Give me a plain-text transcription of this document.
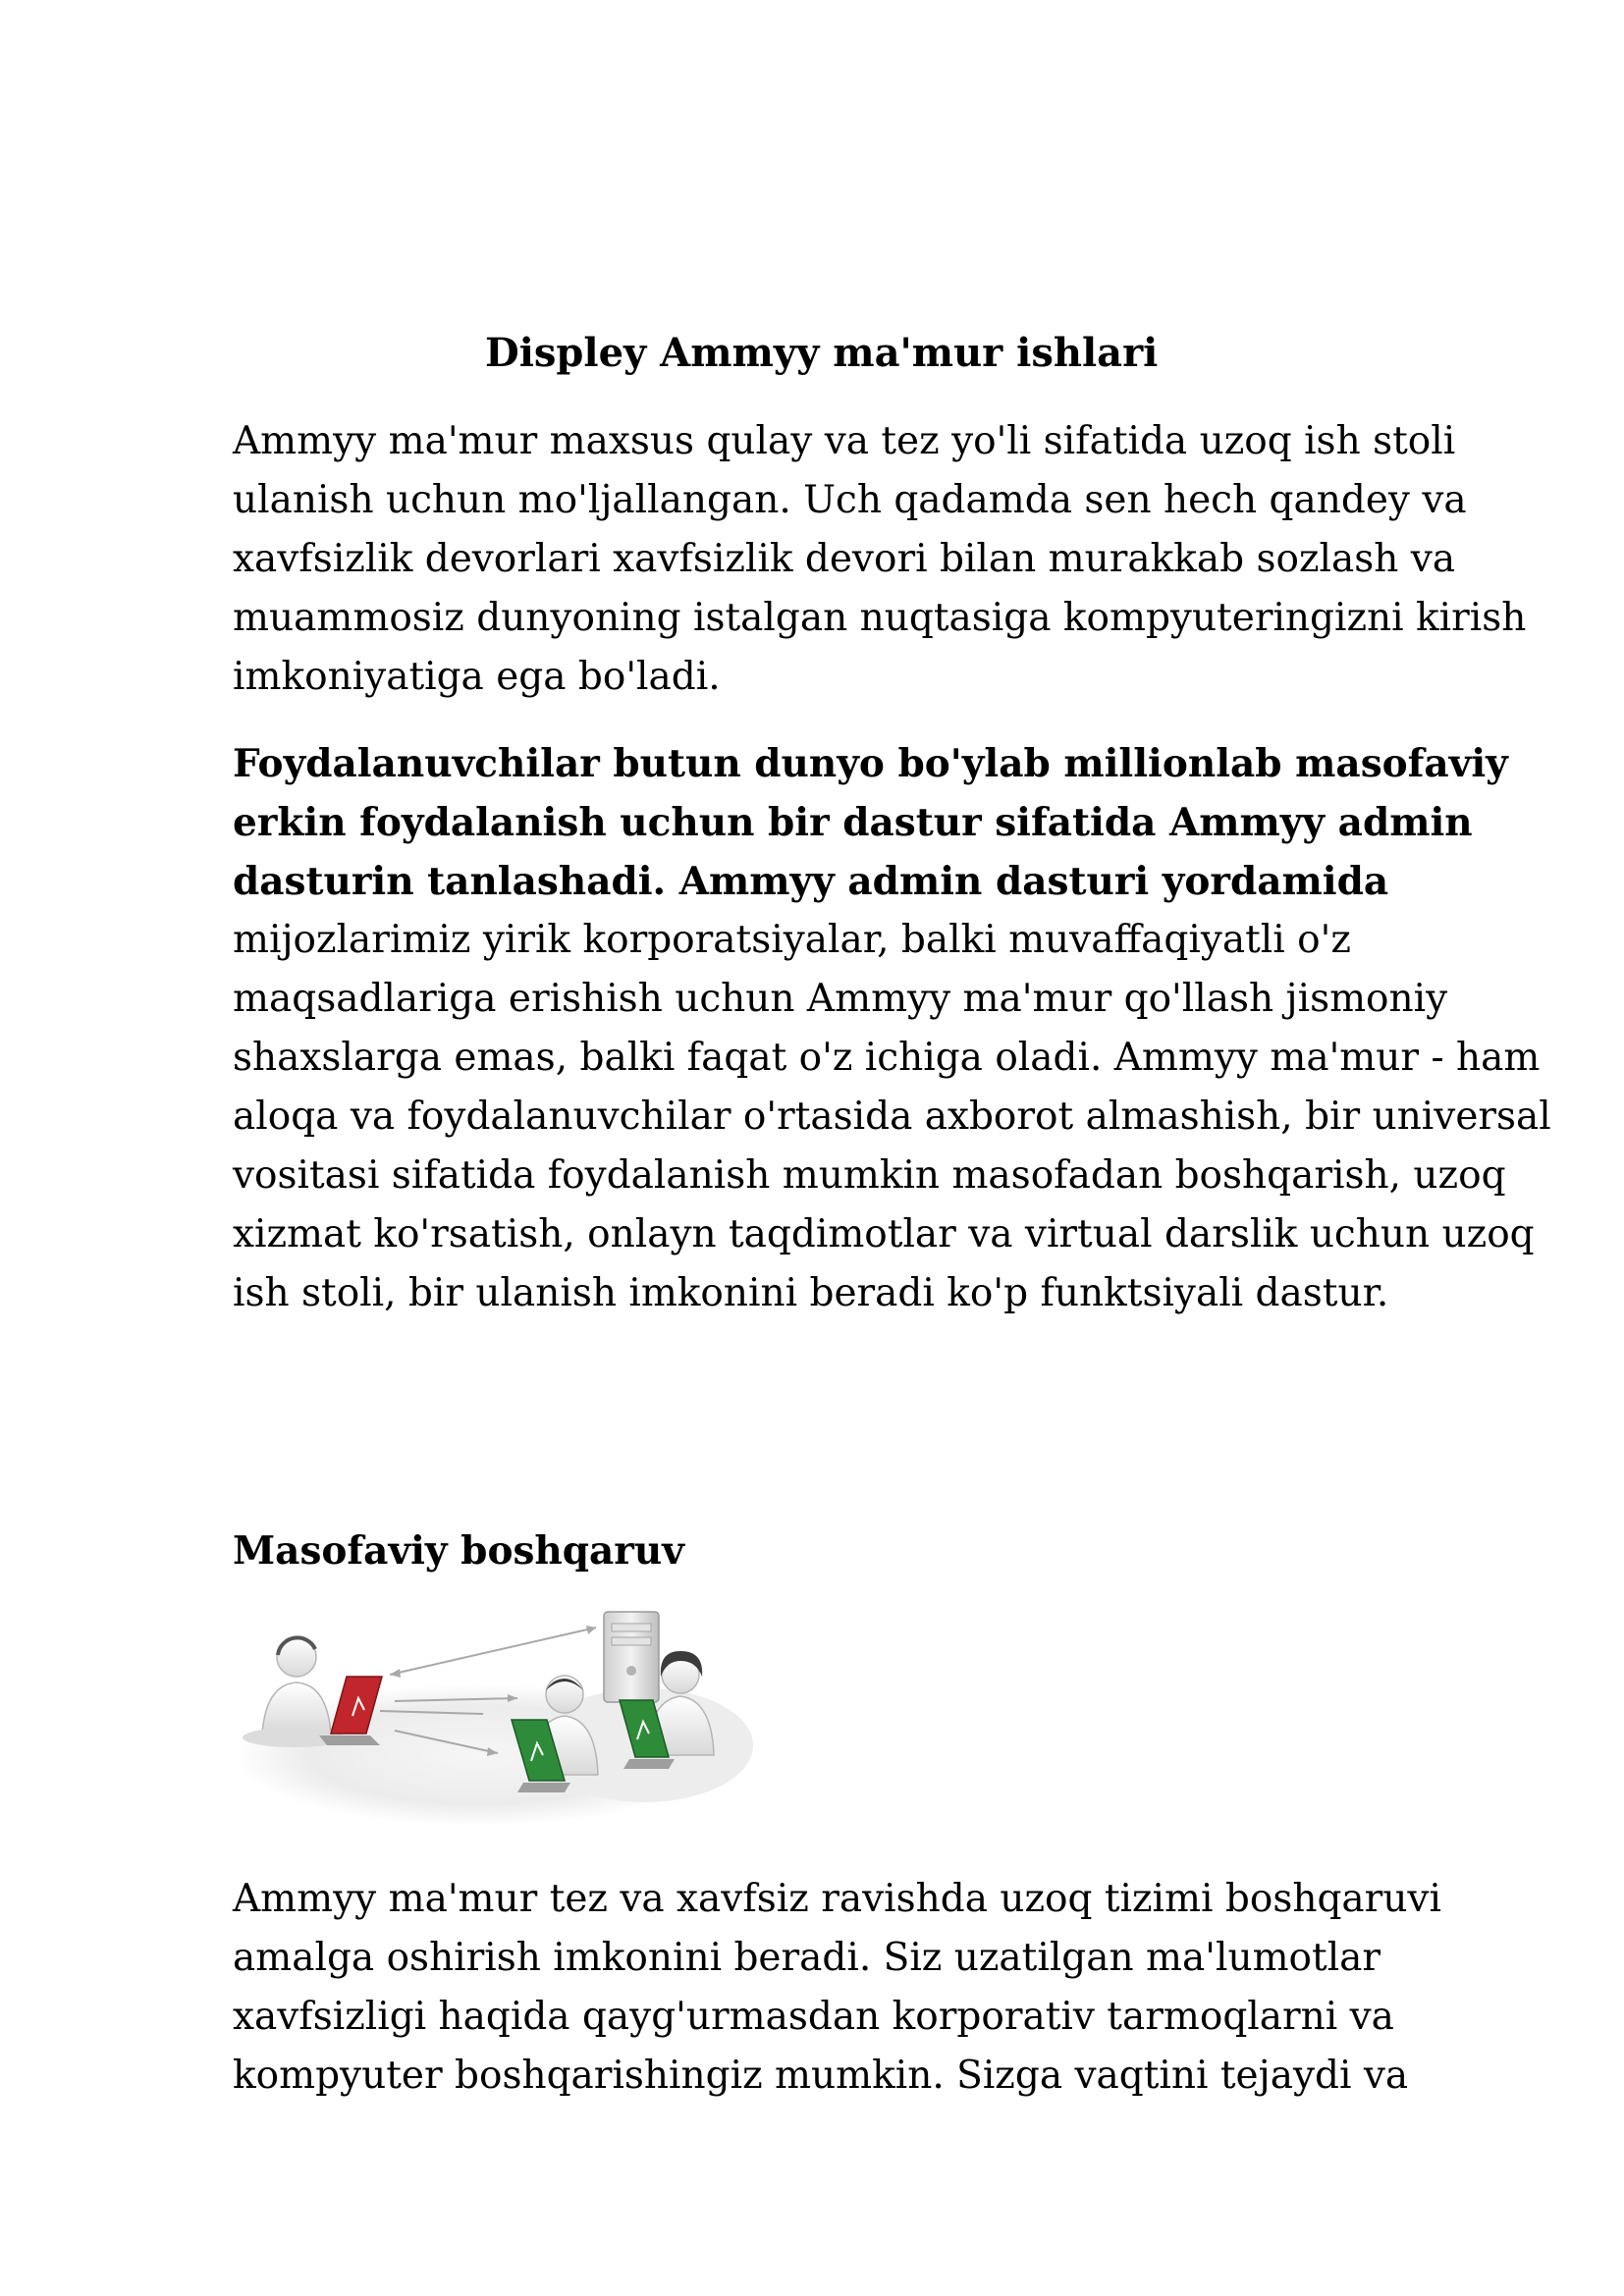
Displey Ammyy ma'mur ishlari
Ammyy ma'mur maxsus qulay va tez yo'li sifatida uzoq ish stoli
ulanish uchun mo'ljallangan. Uch qadamda sen hech qandey va
xavfsizlik devorlari xavfsizlik devori bilan murakkab sozlash va
muammosiz dunyoning istalgan nuqtasiga kompyuteringizni kirish
imkoniyatiga ega bo'ladi.
Foydalanuvchilar butun dunyo bo'ylab millionlab masofaviy
erkin foydalanish uchun bir dastur sifatida Ammyy admin
dasturin tanlashadi. Ammyy admin dasturi yordamida
mijozlarimiz yirik korporatsiyalar, balki muvaffaqiyatli o'z
maqsadlariga erishish uchun Ammyy ma'mur qo'llash jismoniy
shaxslarga emas, balki faqat o'z ichiga oladi. Ammyy ma'mur - ham
aloqa va foydalanuvchilar o'rtasida axborot almashish, bir universal
vositasi sifatida foydalanish mumkin masofadan boshqarish, uzoq
xizmat ko'rsatish, onlayn taqdimotlar va virtual darslik uchun uzoq
ish stoli, bir ulanish imkonini beradi ko'p funktsiyali dastur.
Masofaviy boshqaruv
Ammyy ma'mur tez va xavfsiz ravishda uzoq tizimi boshqaruvi
amalga oshirish imkonini beradi. Siz uzatilgan ma'lumotlar
xavfsizligi haqida qayg'urmasdan korporativ tarmoqlarni va
kompyuter boshqarishingiz mumkin. Sizga vaqtini tejaydi va
